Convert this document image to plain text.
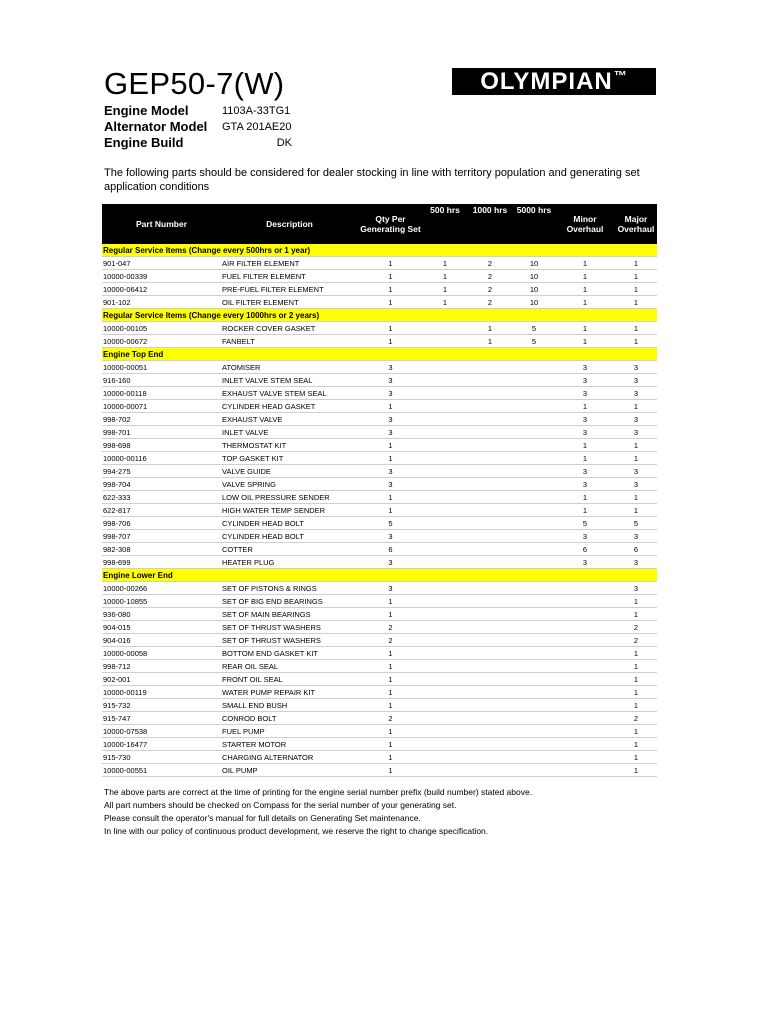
GEP50-7(W)	OLYMPIAN ™
Engine Model	1103A-33TG1
Alternator Model GTA 201AE20
Engine Build	DK
The following parts should be considered for dealer stocking in line with territory population and generating set application conditions
Part Number	Description	Qty Per Generating Set	500 hrs	1000 hrs	5000 hrs	Minor Overhaul	Major Overhaul
Regular Service Items (Change every 500hrs or 1 year)							
901-047	AIR FILTER ELEMENT	1	1	2	10	1	1
10000-00339	FUEL FILTER ELEMENT	1	1	2	10	1	1
10000-06412	PRE-FUEL FILTER ELEMENT	1	1	2	10	1	1
901-102	OIL FILTER ELEMENT	1	1	2	10	1	1
Regular Service Items (Change every 1000hrs or 2 years)							
10000-00105	ROCKER COVER GASKET	1		1	5	1	1
10000-00672	FANBELT	1		1	5	1	1
Engine Top End							
10000-00051	ATOMISER	3				3	3
916-160	INLET VALVE STEM SEAL	3				3	3
10000-00118	EXHAUST VALVE STEM SEAL	3				3	3
10000-00071	CYLINDER HEAD GASKET	1				1	1
998-702	EXHAUST VALVE	3				3	3
998-701	INLET VALVE	3				3	3
998-698	THERMOSTAT KIT	1				1	1
10000-00116	TOP GASKET KIT	1				1	1
994-275	VALVE GUIDE	3				3	3
998-704	VALVE SPRING	3				3	3
622-333	LOW OIL PRESSURE SENDER	1				1	1
622-817	HIGH WATER TEMP SENDER	1				1	1
998-706	CYLINDER HEAD BOLT	5				5	5
998-707	CYLINDER HEAD BOLT	3				3	3
982-308	COTTER	6				6	6
998-699	HEATER PLUG	3				3	3
Engine Lower End							
10000-00266	SET OF PISTONS & RINGS	3					3
10000-10855	SET OF BIG END BEARINGS	1					1
936-080	SET OF MAIN BEARINGS	1					1
904-015	SET OF THRUST WASHERS	2					2
904-016	SET OF THRUST WASHERS	2					2
10000-00058	BOTTOM END GASKET KIT	1					1
998-712	REAR OIL SEAL	1					1
902-001	FRONT OIL SEAL	1					1
10000-00119	WATER PUMP REPAIR KIT	1					1
915-732	SMALL END BUSH	1					1
915-747	CONROD BOLT	2					2
10000-07538	FUEL PUMP	1					1
10000-16477	STARTER MOTOR	1					1
915-730	CHARGING ALTERNATOR	1					1
10000-00551	OIL PUMP	1					1
The above parts are correct at the time of printing for the engine serial number prefix (build number) stated above.
All part numbers should be checked on Compass for the serial number of your generating set.
Please consult the operator's manual for full details on Generating Set maintenance.
In line with our policy of continuous product development, we reserve the right to change specification.
